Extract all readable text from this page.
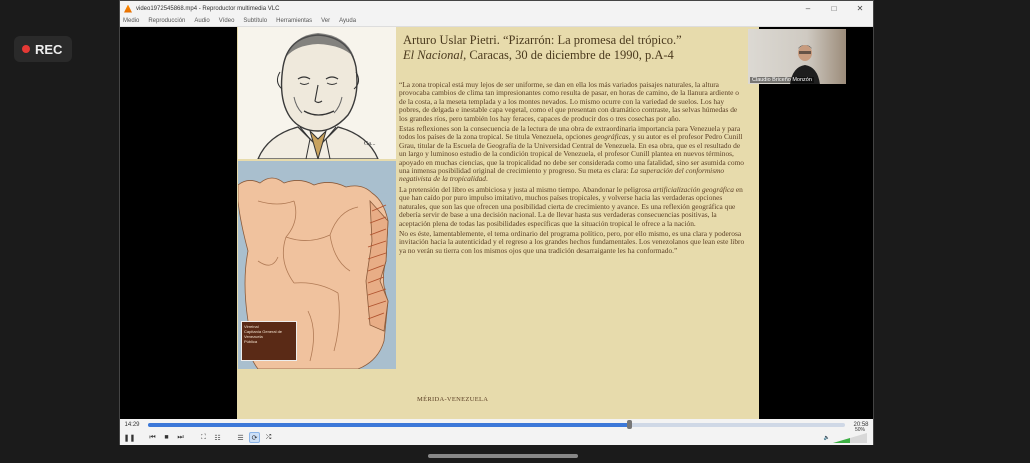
REC
video1972545868.mp4 - Reproductor multimedia VLC	–	□	✕
Medio Reproducción Audio Vídeo Subtítulo Herramientas Ver Ayuda
Ga...
Virreinal
Capitanía General de
Venezuela
Pública
Arturo Uslar Pietri. “Pizarrón: La promesa del trópico.”
El Nacional, Caracas, 30 de diciembre de 1990, p.A-4

“La zona tropical está muy lejos de ser uniforme, se dan en ella los más variados paisajes naturales, la altura provocaba cambios de clima tan impresionantes como resulta de pasar, en horas de camino, de la llanura ardiente o de la costa, a la meseta templada y a los montes nevados. Lo mismo ocurre con la variedad de suelos. Los hay pobres, de delgada e inestable capa vegetal, como el que presentan con dramático contraste, las selvas húmedas de los grandes ríos, pero también los hay feraces, capaces de producir dos o tres cosechas por año.

Estas reflexiones son la consecuencia de la lectura de una obra de extraordinaria importancia para Venezuela y para todos los países de la zona tropical. Se titula Venezuela, opciones geográficas, y su autor es el profesor Pedro Cunill Grau, titular de la Escuela de Geografía de la Universidad Central de Venezuela. En esa obra, que es el resultado de un largo y luminoso estudio de la condición tropical de Venezuela, el profesor Cunill plantea en nuevos términos, apoyado en muchas ciencias, que la tropicalidad no debe ser considerada como una fatalidad, sino ser asumida como una inmensa posibilidad original de crecimiento y progreso. Su meta es clara: La superación del conformismo negativista de la tropicalidad.

La pretensión del libro es ambiciosa y justa al mismo tiempo. Abandonar le peligrosa artificialización geográfica en que han caído por puro impulso imitativo, muchos países tropicales, y volverse hacia las verdaderas opciones naturales, que son las que ofrecen una posibilidad cierta de crecimiento y avance. Es una reflexión geográfica que debería servir de base a una decisión nacional. La de llevar hasta sus verdaderas consecuencias positivas, la aceptación plena de todas las posibilidades específicas que la situación tropical le ofrece a la nación.

No es éste, lamentablemente, el tema ordinario del programa político, pero, por ello mismo, es una clara y poderosa invitación hacia la autenticidad y el regreso a los grandes hechos fundamentales. Los venezolanos que lean este libro ya no verán su tierra con los mismos ojos que una tradición desarraigante les ha conformado.”

MÉRIDA-VENEZUELA
Claudio Briceño Monzón
14:29	20:58
❚❚	⏮	■	⏭	⛶	☷	☰	⟳	⤮	🔈
50%
